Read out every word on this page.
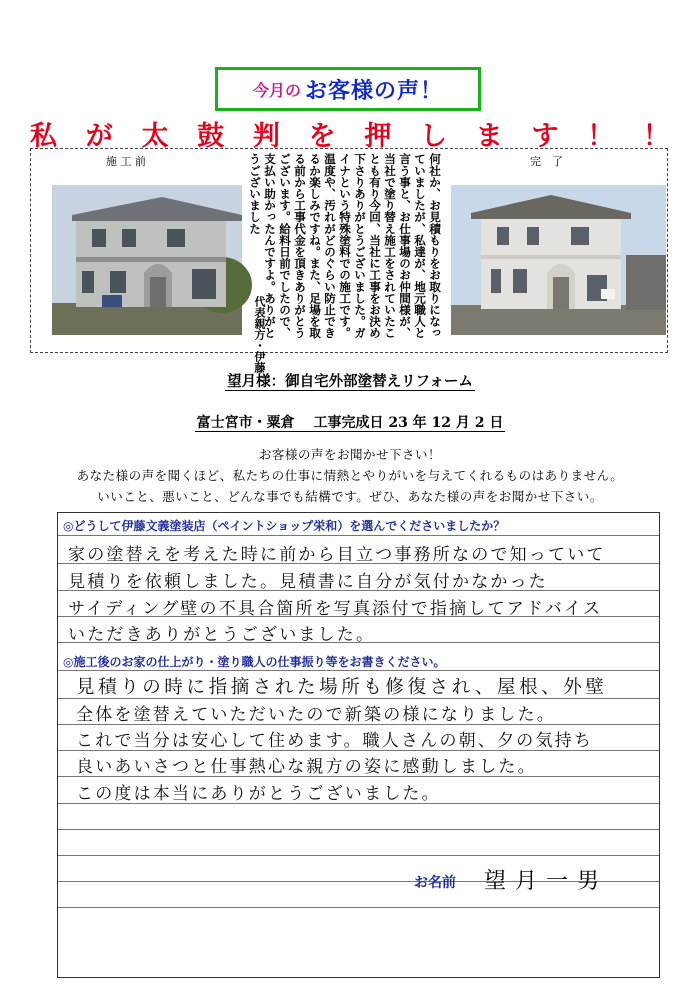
今月の お客様の声！
私 が 太 鼓 判 を 押 し ま す ！ ！
施 工 前	完　了
何社か、お見積もりをお取りになっていましたが、私達が、地元職人と言う事と、お仕事場のお仲間様が、当社で塗り替え施工をされていたことも有り今回、当社に工事をお決め下さりありがとうございました。ガイナという特殊塗料での施工です。温度や、汚れがどのぐらい防止できるか楽しみですね。また、足場を取る前から工事代金を頂きありがとうございます。給料日前でしたので、支払い助かったんですよ。ありがとうございました
代表親方・伊藤
望月様：御自宅外部塗替えリフォーム
富士宮市・粟倉　 工事完成日 23 年 12 月 2 日
お客様の声をお聞かせ下さい！
あなた様の声を聞くほど、私たちの仕事に情熱とやりがいを与えてくれるものはありません。
いいこと、悪いこと、どんな事でも結構です。ぜひ、あなた様の声をお聞かせ下さい。
◎どうして伊藤文義塗装店（ペイントショップ栄和）を選んでくださいましたか？
家の塗替えを考えた時に前から目立つ事務所なので知っていて
見積りを依頼しました。見積書に自分が気付かなかった
サイディング壁の不具合箇所を写真添付で指摘してアドバイス
いただきありがとうございました。
◎施工後のお家の仕上がり・塗り職人の仕事振り等をお書きください。
見積りの時に指摘された場所も修復され、屋根、外壁
全体を塗替えていただいたので新築の様になりました。
これで当分は安心して住めます。職人さんの朝、夕の気持ち
良いあいさつと仕事熱心な親方の姿に感動しました。
この度は本当にありがとうございました。
お名前 望月一男
